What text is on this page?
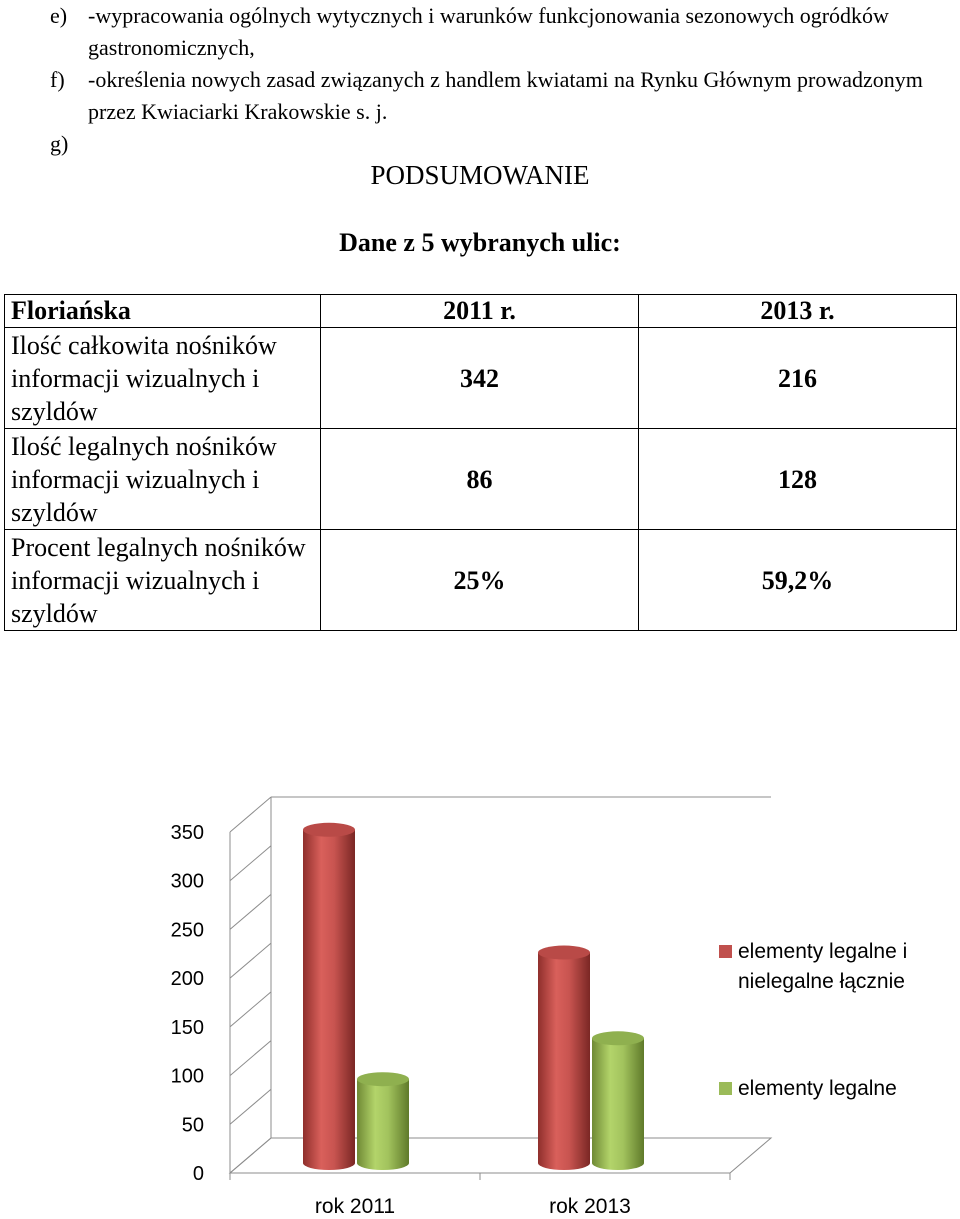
e) -wypracowania ogólnych wytycznych i warunków funkcjonowania sezonowych ogródków gastronomicznych,
f) -określenia nowych zasad związanych z handlem kwiatami na Rynku Głównym prowadzonym przez Kwiaciarki Krakowskie s. j.
g)

PODSUMOWANIE
Dane z 5 wybranych ulic:
Floriańska	2011 r.	2013 r.
Ilość całkowita nośników informacji wizualnych i szyldów	342	216
Ilość legalnych nośników informacji wizualnych i szyldów	86	128
Procent legalnych nośników informacji wizualnych i szyldów	25%	59,2%
0
50
100
150
200
250
300
350
rok 2011	rok 2013
elementy legalne i
nielegalne łącznie
elementy legalne
